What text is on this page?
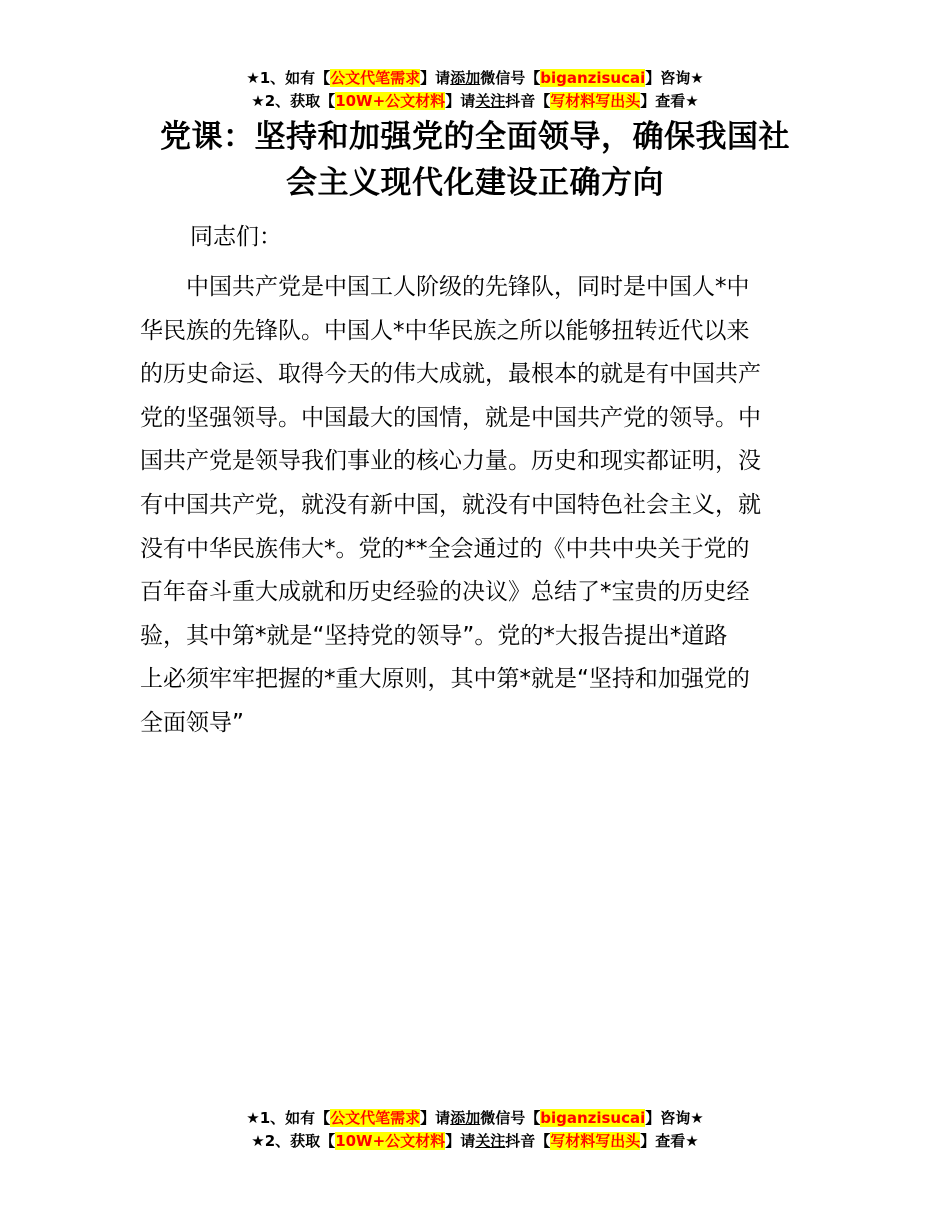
★1、如有【公文代笔需求】请添加微信号【biganzisucai】咨询★
★2、获取【10W+公文材料】请关注抖音【写材料写出头】查看★
党课：坚持和加强党的全面领导，确保我国社
会主义现代化建设正确方向
同志们：
　　中国共产党是中国工人阶级的先锋队，同时是中国人*中
华民族的先锋队。中国人*中华民族之所以能够扭转近代以来
的历史命运、取得今天的伟大成就，最根本的就是有中国共产
党的坚强领导。中国最大的国情，就是中国共产党的领导。中
国共产党是领导我们事业的核心力量。历史和现实都证明，没
有中国共产党，就没有新中国，就没有中国特色社会主义，就
没有中华民族伟大*。党的**全会通过的《中共中央关于党的
百年奋斗重大成就和历史经验的决议》总结了*宝贵的历史经
验，其中第*就是“坚持党的领导”。党的*大报告提出*道路
上必须牢牢把握的*重大原则，其中第*就是“坚持和加强党的
全面领导”
★1、如有【公文代笔需求】请添加微信号【biganzisucai】咨询★
★2、获取【10W+公文材料】请关注抖音【写材料写出头】查看★
